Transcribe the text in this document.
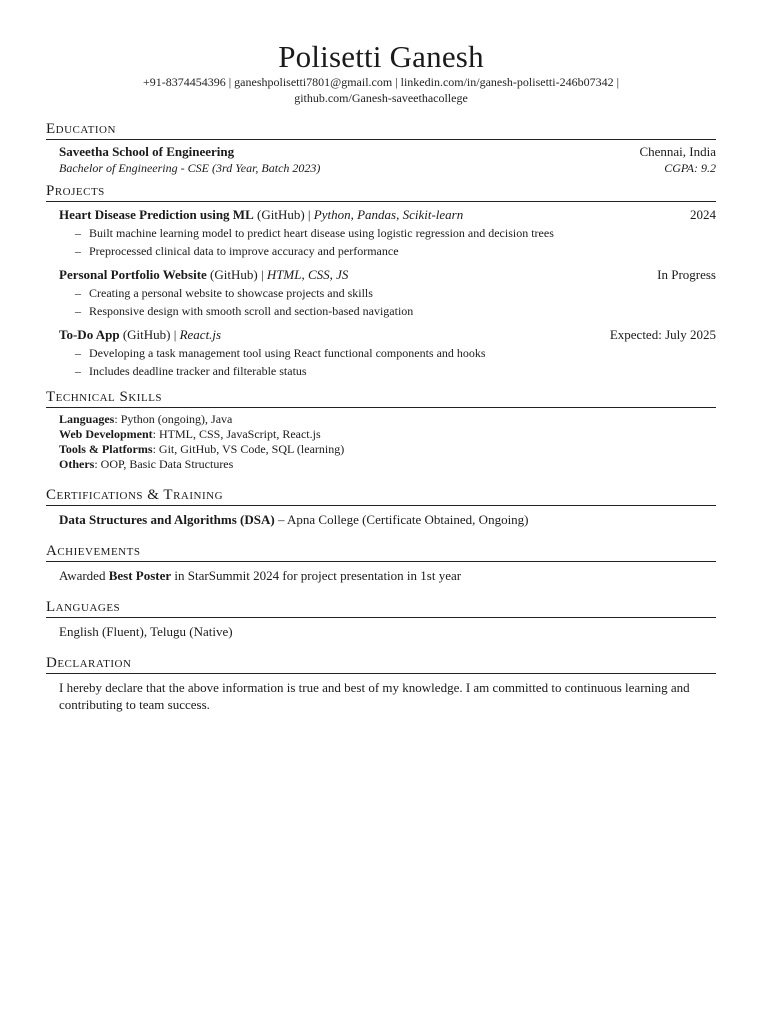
Polisetti Ganesh
+91-8374454396 | ganeshpolisetti7801@gmail.com | linkedin.com/in/ganesh-polisetti-246b07342 |
github.com/Ganesh-saveethacollege
Education
Saveetha School of Engineering	Chennai, India
Bachelor of Engineering - CSE (3rd Year, Batch 2023)	CGPA: 9.2
Projects
Heart Disease Prediction using ML (GitHub) | Python, Pandas, Scikit-learn	2024
– Built machine learning model to predict heart disease using logistic regression and decision trees
– Preprocessed clinical data to improve accuracy and performance
Personal Portfolio Website (GitHub) | HTML, CSS, JS	In Progress
– Creating a personal website to showcase projects and skills
– Responsive design with smooth scroll and section-based navigation
To-Do App (GitHub) | React.js	Expected: July 2025
– Developing a task management tool using React functional components and hooks
– Includes deadline tracker and filterable status
Technical Skills
Languages: Python (ongoing), Java
Web Development: HTML, CSS, JavaScript, React.js
Tools & Platforms: Git, GitHub, VS Code, SQL (learning)
Others: OOP, Basic Data Structures
Certifications & Training
Data Structures and Algorithms (DSA) – Apna College (Certificate Obtained, Ongoing)
Achievements
Awarded Best Poster in StarSummit 2024 for project presentation in 1st year
Languages
English (Fluent), Telugu (Native)
Declaration
I hereby declare that the above information is true and best of my knowledge. I am committed to continuous learning and contributing to team success.
